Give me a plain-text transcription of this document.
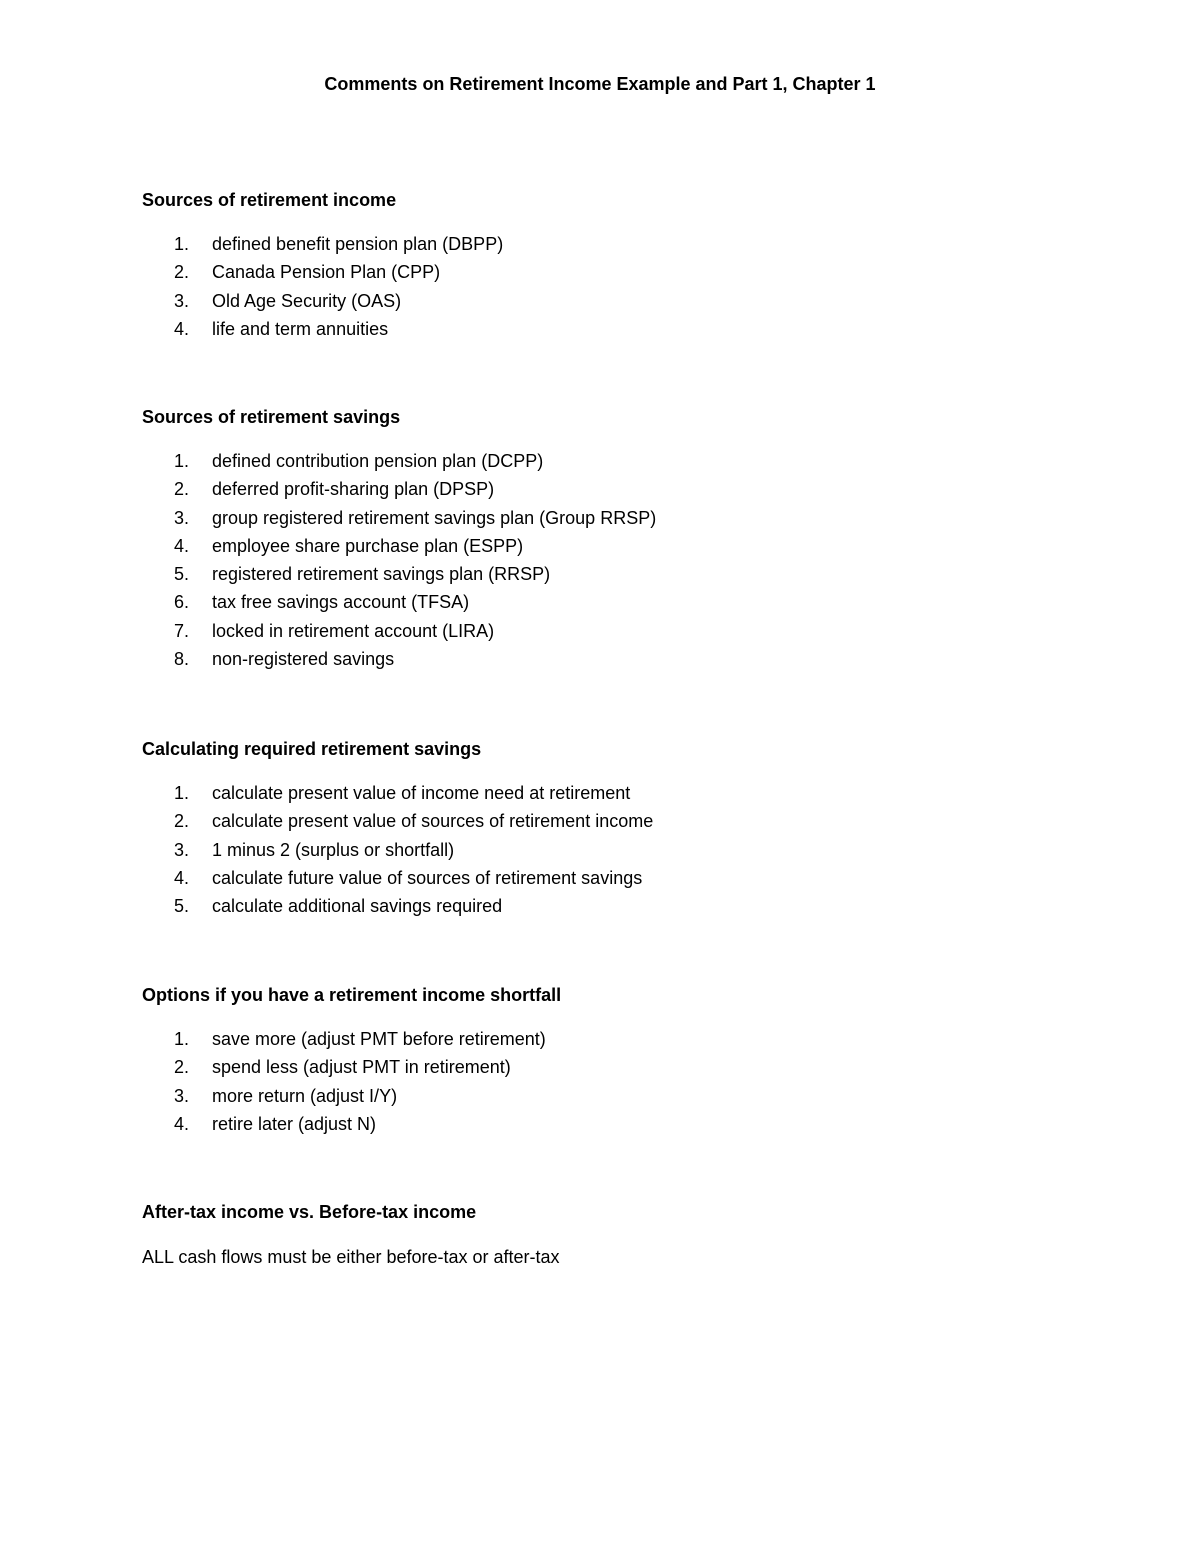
Comments on Retirement Income Example and Part 1, Chapter 1
Sources of retirement income
1. defined benefit pension plan (DBPP)
2. Canada Pension Plan (CPP)
3. Old Age Security (OAS)
4. life and term annuities
Sources of retirement savings
1. defined contribution pension plan (DCPP)
2. deferred profit-sharing plan (DPSP)
3. group registered retirement savings plan (Group RRSP)
4. employee share purchase plan (ESPP)
5. registered retirement savings plan (RRSP)
6. tax free savings account (TFSA)
7. locked in retirement account (LIRA)
8. non-registered savings
Calculating required retirement savings
1. calculate present value of income need at retirement
2. calculate present value of sources of retirement income
3. 1 minus 2 (surplus or shortfall)
4. calculate future value of sources of retirement savings
5. calculate additional savings required
Options if you have a retirement income shortfall
1. save more (adjust PMT before retirement)
2. spend less (adjust PMT in retirement)
3. more return (adjust I/Y)
4. retire later (adjust N)
After-tax income vs. Before-tax income

ALL cash flows must be either before-tax or after-tax
